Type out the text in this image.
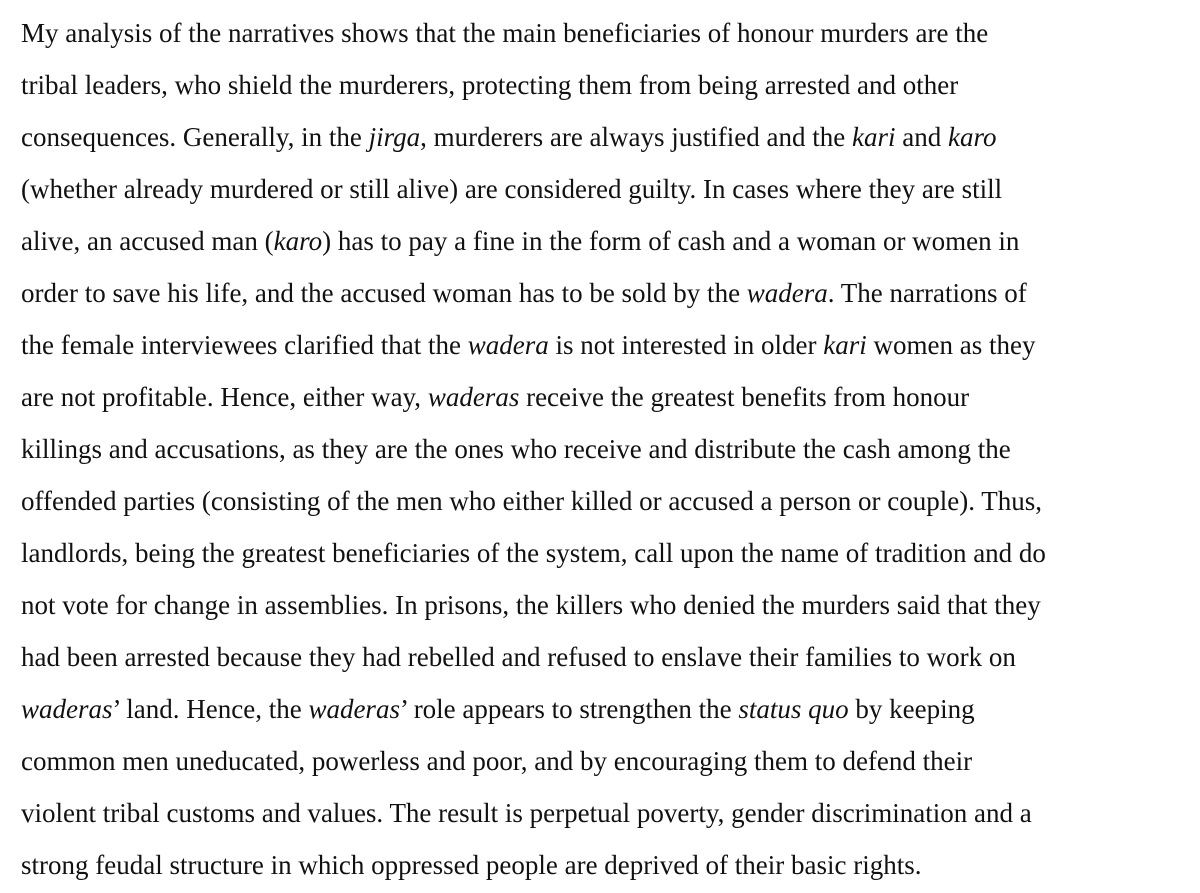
My analysis of the narratives shows that the main beneficiaries of honour murders are the

tribal leaders, who shield the murderers, protecting them from being arrested and other

consequences. Generally, in the jirga, murderers are always justified and the kari and karo

(whether already murdered or still alive) are considered guilty. In cases where they are still

alive, an accused man (karo) has to pay a fine in the form of cash and a woman or women in

order to save his life, and the accused woman has to be sold by the wadera. The narrations of

the female interviewees clarified that the wadera is not interested in older kari women as they

are not profitable. Hence, either way, waderas receive the greatest benefits from honour

killings and accusations, as they are the ones who receive and distribute the cash among the

offended parties (consisting of the men who either killed or accused a person or couple). Thus,

landlords, being the greatest beneficiaries of the system, call upon the name of tradition and do

not vote for change in assemblies. In prisons, the killers who denied the murders said that they

had been arrested because they had rebelled and refused to enslave their families to work on

waderas’ land. Hence, the waderas’ role appears to strengthen the status quo by keeping

common men uneducated, powerless and poor, and by encouraging them to defend their

violent tribal customs and values. The result is perpetual poverty, gender discrimination and a

strong feudal structure in which oppressed people are deprived of their basic rights.
